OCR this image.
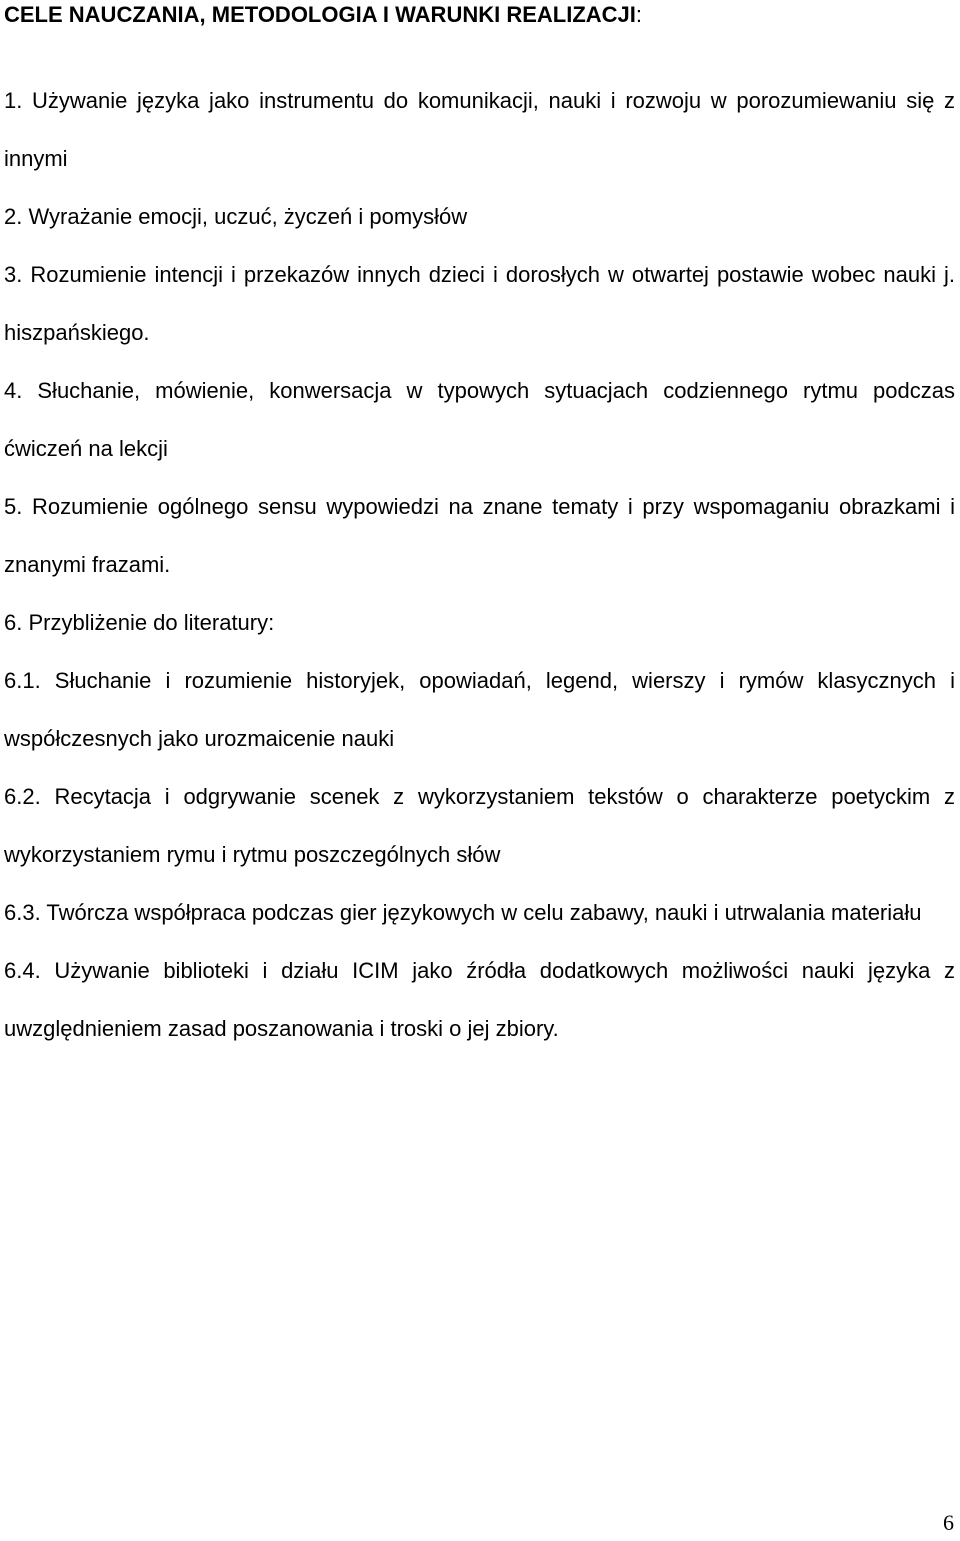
CELE NAUCZANIA, METODOLOGIA I WARUNKI REALIZACJI:

1. Używanie języka jako instrumentu do komunikacji, nauki i rozwoju w porozumiewaniu się z innymi

2. Wyrażanie emocji, uczuć, życzeń i pomysłów

3. Rozumienie intencji i przekazów innych dzieci i dorosłych w otwartej postawie wobec nauki j. hiszpańskiego.

4. Słuchanie, mówienie, konwersacja w typowych sytuacjach codziennego rytmu podczas ćwiczeń na lekcji

5. Rozumienie ogólnego sensu wypowiedzi na znane tematy i przy wspomaganiu obrazkami i znanymi frazami.

6. Przybliżenie do literatury:

6.1. Słuchanie i rozumienie historyjek, opowiadań, legend, wierszy i rymów klasycznych i współczesnych jako urozmaicenie nauki

6.2. Recytacja i odgrywanie scenek z wykorzystaniem tekstów o charakterze poetyckim z wykorzystaniem rymu i rytmu poszczególnych słów

6.3. Twórcza współpraca podczas gier językowych w celu zabawy, nauki i utrwalania materiału

6.4. Używanie biblioteki i działu ICIM jako źródła dodatkowych możliwości nauki języka z uwzględnieniem zasad poszanowania i troski o jej zbiory.

6
